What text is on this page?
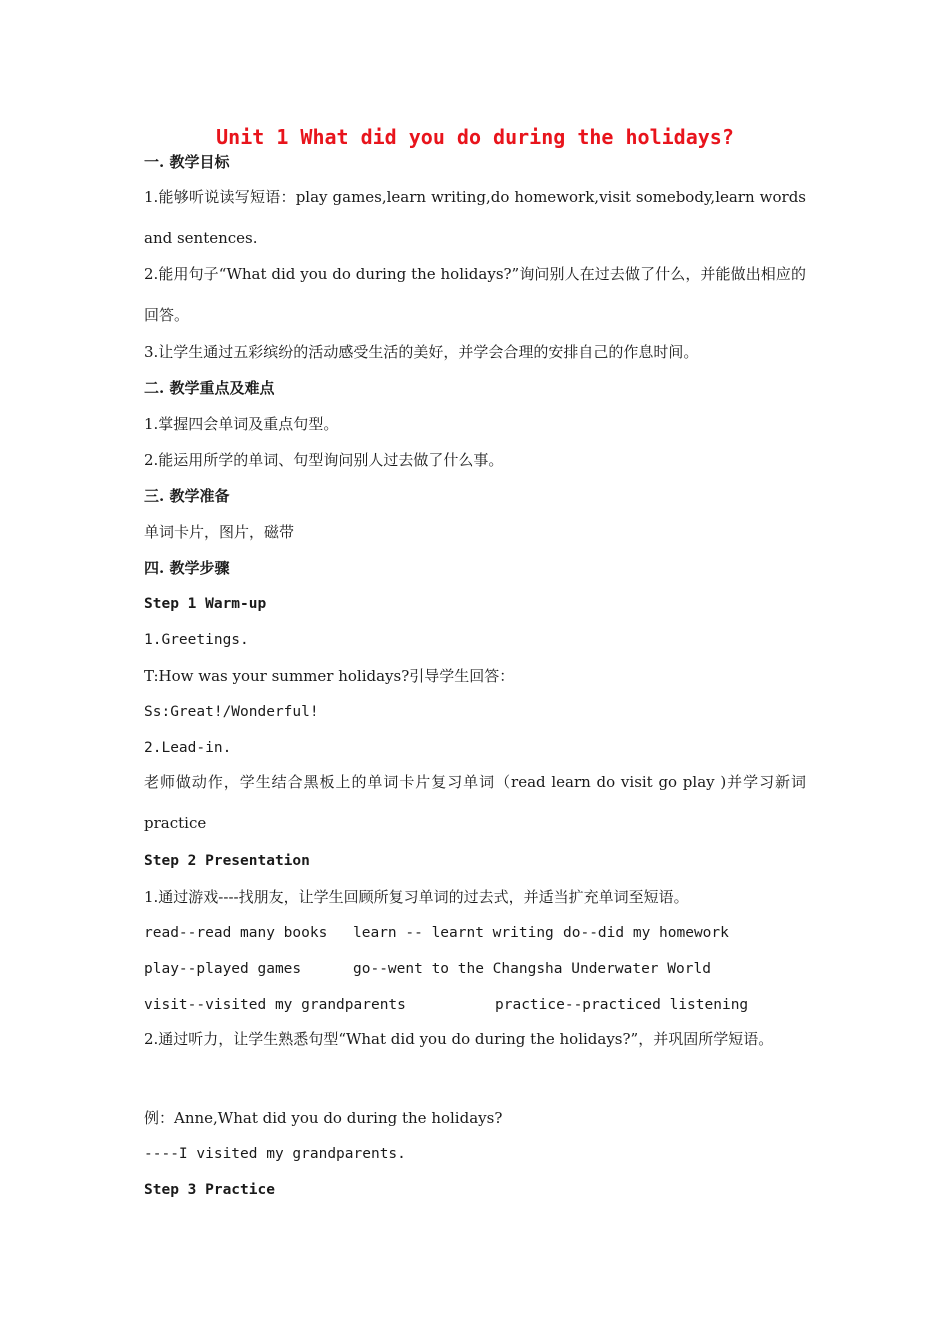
Unit 1 What did you do during the holidays?
一. 教学目标
1.能够听说读写短语：play games,learn writing,do homework,visit somebody,learn words and sentences.
2.能用句子“What did you do during the holidays?”询问别人在过去做了什么，并能做出相应的回答。
3.让学生通过五彩缤纷的活动感受生活的美好，并学会合理的安排自己的作息时间。
二. 教学重点及难点
1.掌握四会单词及重点句型。
2.能运用所学的单词、句型询问别人过去做了什么事。
三. 教学准备
单词卡片，图片，磁带
四. 教学步骤
Step 1 Warm-up
1.Greetings.
T:How was your summer holidays?引导学生回答：
Ss:Great!/Wonderful!
2.Lead-in.
老师做动作，学生结合黑板上的单词卡片复习单词（read learn do visit go play )并学习新词practice
Step 2 Presentation
1.通过游戏----找朋友，让学生回顾所复习单词的过去式，并适当扩充单词至短语。
read--read many books learn -- learnt writing do--did my homework
play--played games	go--went to the Changsha Underwater World
visit--visited my grandparents	practice--practiced listening
2.通过听力，让学生熟悉句型“What did you do during the holidays?”，并巩固所学短语。
例：Anne,What did you do during the holidays?
----I visited my grandparents.
Step 3 Practice
